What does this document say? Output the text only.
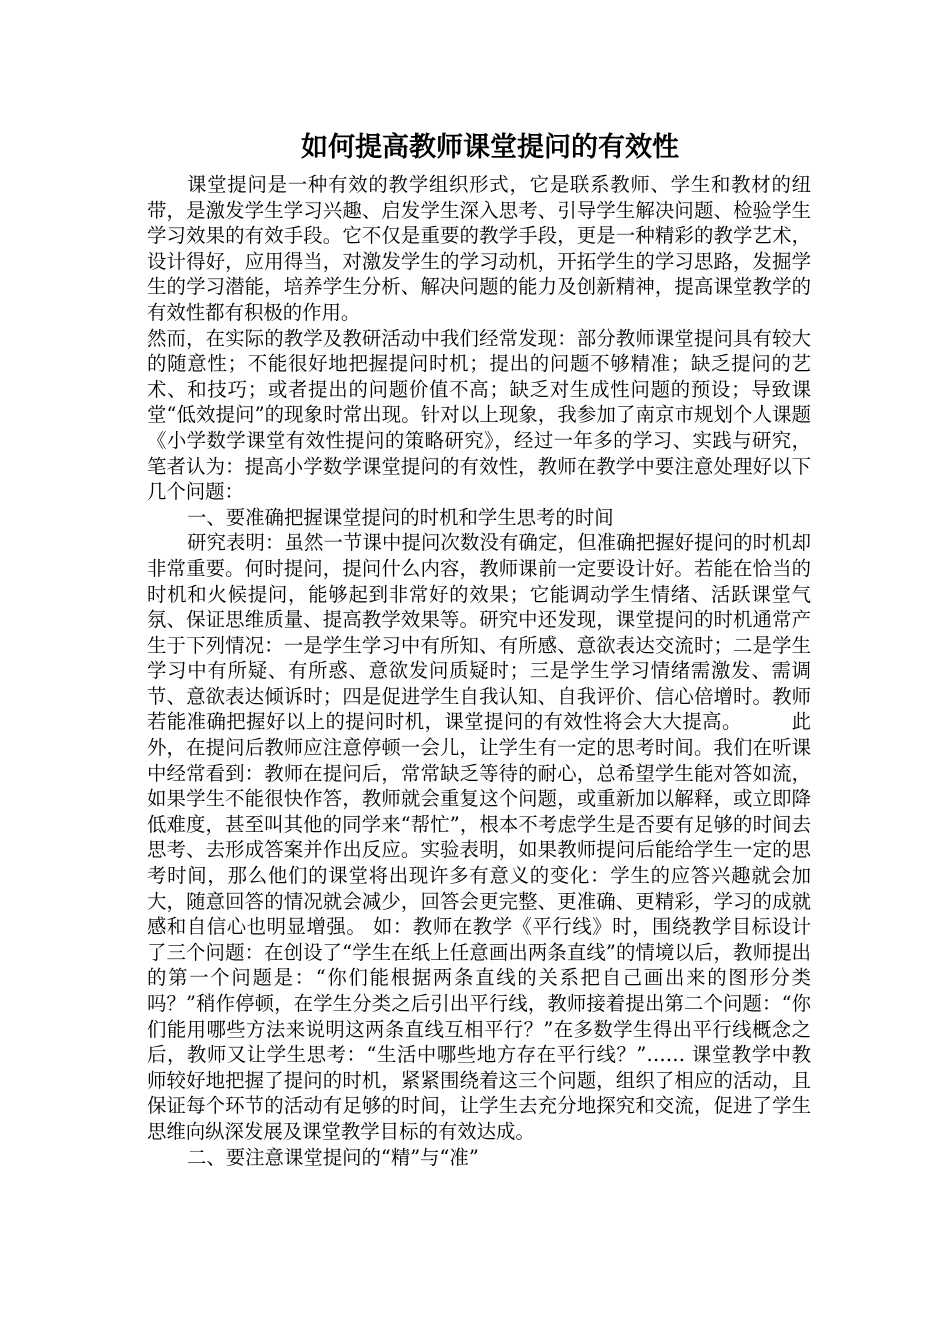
如何提高教师课堂提问的有效性

课堂提问是一种有效的教学组织形式，它是联系教师、学生和教材的纽带，是激发学生学习兴趣、启发学生深入思考、引导学生解决问题、检验学生学习效果的有效手段。它不仅是重要的教学手段，更是一种精彩的教学艺术，设计得好，应用得当，对激发学生的学习动机，开拓学生的学习思路，发掘学生的学习潜能，培养学生分析、解决问题的能力及创新精神，提高课堂教学的有效性都有积极的作用。

然而，在实际的教学及教研活动中我们经常发现：部分教师课堂提问具有较大的随意性；不能很好地把握提问时机；提出的问题不够精准；缺乏提问的艺术、和技巧；或者提出的问题价值不高；缺乏对生成性问题的预设；导致课堂“低效提问”的现象时常出现。针对以上现象，我参加了南京市规划个人课题《小学数学课堂有效性提问的策略研究》，经过一年多的学习、实践与研究，笔者认为：提高小学数学课堂提问的有效性，教师在教学中要注意处理好以下几个问题：

一、要准确把握课堂提问的时机和学生思考的时间

研究表明：虽然一节课中提问次数没有确定，但准确把握好提问的时机却非常重要。何时提问，提问什么内容，教师课前一定要设计好。若能在恰当的时机和火候提问，能够起到非常好的效果；它能调动学生情绪、活跃课堂气氛、保证思维质量、提高教学效果等。研究中还发现，课堂提问的时机通常产生于下列情况：一是学生学习中有所知、有所感、意欲表达交流时；二是学生学习中有所疑、有所惑、意欲发问质疑时；三是学生学习情绪需激发、需调节、意欲表达倾诉时；四是促进学生自我认知、自我评价、信心倍增时。教师若能准确把握好以上的提问时机，课堂提问的有效性将会大大提高。　　　此外，在提问后教师应注意停顿一会儿，让学生有一定的思考时间。我们在听课中经常看到：教师在提问后，常常缺乏等待的耐心，总希望学生能对答如流，如果学生不能很快作答，教师就会重复这个问题，或重新加以解释，或立即降低难度，甚至叫其他的同学来“帮忙”，根本不考虑学生是否要有足够的时间去思考、去形成答案并作出反应。实验表明，如果教师提问后能给学生一定的思考时间，那么他们的课堂将出现许多有意义的变化：学生的应答兴趣就会加大，随意回答的情况就会减少，回答会更完整、更准确、更精彩，学习的成就感和自信心也明显增强。 如：教师在教学《平行线》时，围绕教学目标设计了三个问题：在创设了“学生在纸上任意画出两条直线”的情境以后，教师提出的第一个问题是：“你们能根据两条直线的关系把自己画出来的图形分类吗？”稍作停顿，在学生分类之后引出平行线，教师接着提出第二个问题：“你们能用哪些方法来说明这两条直线互相平行？”在多数学生得出平行线概念之后，教师又让学生思考：“生活中哪些地方存在平行线？”…… 课堂教学中教师较好地把握了提问的时机，紧紧围绕着这三个问题，组织了相应的活动，且保证每个环节的活动有足够的时间，让学生去充分地探究和交流，促进了学生思维向纵深发展及课堂教学目标的有效达成。

二、要注意课堂提问的“精”与“准”
